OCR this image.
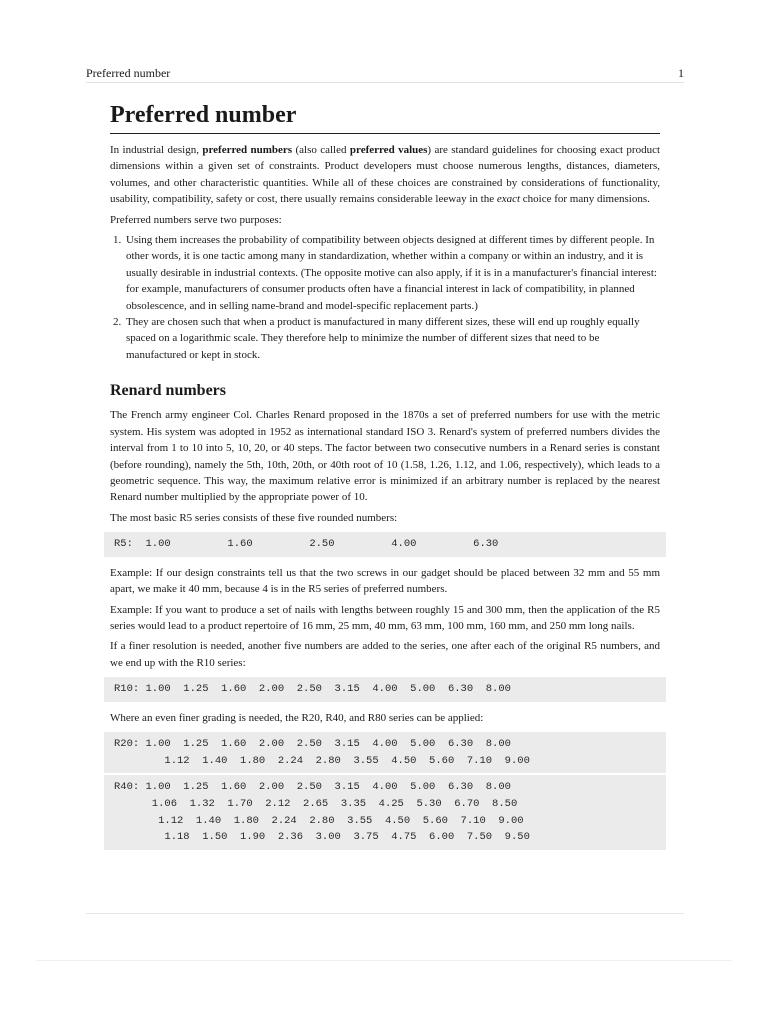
Preferred number	1
Preferred number

In industrial design, preferred numbers (also called preferred values) are standard guidelines for choosing exact product dimensions within a given set of constraints. Product developers must choose numerous lengths, distances, diameters, volumes, and other characteristic quantities. While all of these choices are constrained by considerations of functionality, usability, compatibility, safety or cost, there usually remains considerable leeway in the exact choice for many dimensions.

Preferred numbers serve two purposes:

1. Using them increases the probability of compatibility between objects designed at different times by different people. In other words, it is one tactic among many in standardization, whether within a company or within an industry, and it is usually desirable in industrial contexts. (The opposite motive can also apply, if it is in a manufacturer's financial interest: for example, manufacturers of consumer products often have a financial interest in lack of compatibility, in planned obsolescence, and in selling name-brand and model-specific replacement parts.)
2. They are chosen such that when a product is manufactured in many different sizes, these will end up roughly equally spaced on a logarithmic scale. They therefore help to minimize the number of different sizes that need to be manufactured or kept in stock.
Renard numbers

The French army engineer Col. Charles Renard proposed in the 1870s a set of preferred numbers for use with the metric system. His system was adopted in 1952 as international standard ISO 3. Renard's system of preferred numbers divides the interval from 1 to 10 into 5, 10, 20, or 40 steps. The factor between two consecutive numbers in a Renard series is constant (before rounding), namely the 5th, 10th, 20th, or 40th root of 10 (1.58, 1.26, 1.12, and 1.06, respectively), which leads to a geometric sequence. This way, the maximum relative error is minimized if an arbitrary number is replaced by the nearest Renard number multiplied by the appropriate power of 10.

The most basic R5 series consists of these five rounded numbers:

R5:  1.00         1.60         2.50         4.00         6.30

Example: If our design constraints tell us that the two screws in our gadget should be placed between 32 mm and 55 mm apart, we make it 40 mm, because 4 is in the R5 series of preferred numbers.

Example: If you want to produce a set of nails with lengths between roughly 15 and 300 mm, then the application of the R5 series would lead to a product repertoire of 16 mm, 25 mm, 40 mm, 63 mm, 100 mm, 160 mm, and 250 mm long nails.

If a finer resolution is needed, another five numbers are added to the series, one after each of the original R5 numbers, and we end up with the R10 series:

R10: 1.00  1.25  1.60  2.00  2.50  3.15  4.00  5.00  6.30  8.00

Where an even finer grading is needed, the R20, R40, and R80 series can be applied:

R20: 1.00  1.25  1.60  2.00  2.50  3.15  4.00  5.00  6.30  8.00
1.12  1.40  1.80  2.24  2.80  3.55  4.50  5.60  7.10  9.00
R40: 1.00  1.25  1.60  2.00  2.50  3.15  4.00  5.00  6.30  8.00
1.06  1.32  1.70  2.12  2.65  3.35  4.25  5.30  6.70  8.50
1.12  1.40  1.80  2.24  2.80  3.55  4.50  5.60  7.10  9.00
1.18  1.50  1.90  2.36  3.00  3.75  4.75  6.00  7.50  9.50
